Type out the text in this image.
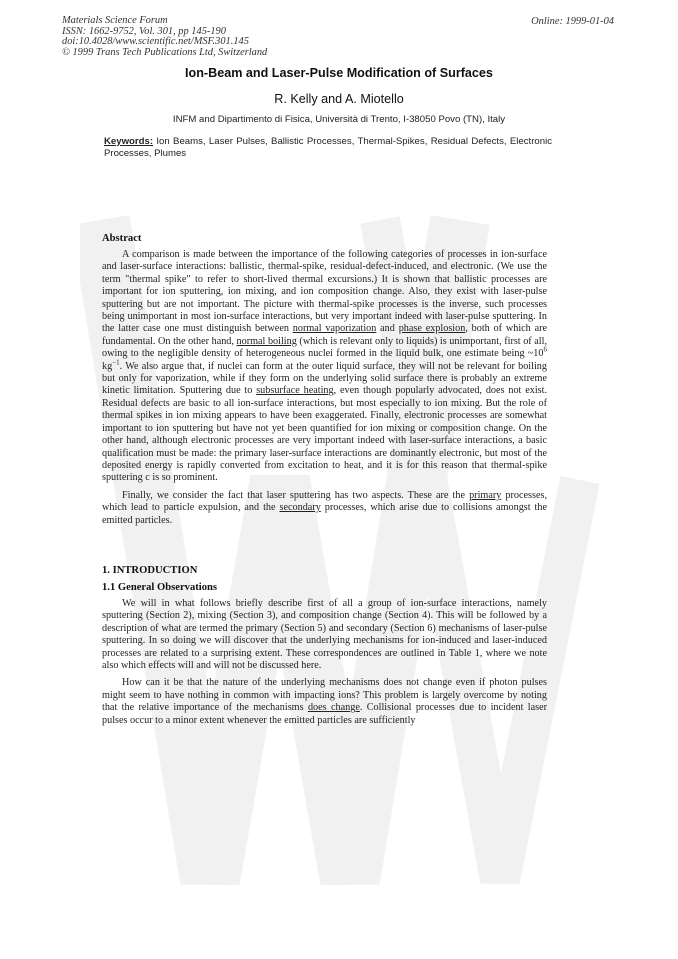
Materials Science Forum
ISSN: 1662-9752, Vol. 301, pp 145-190
doi:10.4028/www.scientific.net/MSF.301.145
© 1999 Trans Tech Publications Ltd, Switzerland
Online: 1999-01-04
Ion-Beam and Laser-Pulse Modification of Surfaces
R. Kelly and A. Miotello
INFM and Dipartimento di Fisica, Università di Trento, I-38050 Povo (TN), Italy
Keywords: Ion Beams, Laser Pulses, Ballistic Processes, Thermal-Spikes, Residual Defects, Electronic Processes, Plumes
Abstract

A comparison is made between the importance of the following categories of processes in ion-surface and laser-surface interactions: ballistic, thermal-spike, residual-defect-induced, and electronic. (We use the term "thermal spike" to refer to short-lived thermal excursions.) It is shown that ballistic processes are important for ion sputtering, ion mixing, and ion composition change. Also, they exist with laser-pulse sputtering but are not important. The picture with thermal-spike processes is the inverse, such processes being unimportant in most ion-surface interactions, but very important indeed with laser-pulse sputtering. In the latter case one must distinguish between normal vaporization and phase explosion, both of which are fundamental. On the other hand, normal boiling (which is relevant only to liquids) is unimportant, first of all, owing to the negligible density of heterogeneous nuclei formed in the liquid bulk, one estimate being $\sim 10^6$ $kg^{-1}$. We also argue that, if nuclei can form at the outer liquid surface, they will not be relevant for boiling but only for vaporization, while if they form on the underlying solid surface there is probably an extreme kinetic limitation. Sputtering due to subsurface heating, even though popularly advocated, does not exist. Residual defects are basic to all ion-surface interactions, but most especially to ion mixing. But the role of thermal spikes in ion mixing appears to have been exaggerated. Finally, electronic processes are somewhat important to ion sputtering but have not yet been quantified for ion mixing or composition change. On the other hand, although electronic processes are very important indeed with laser-surface interactions, a basic qualification must be made: the primary laser-surface interactions are dominantly electronic, but most of the deposited energy is rapidly converted from excitation to heat, and it is for this reason that thermal-spike sputtering c is so prominent.

Finally, we consider the fact that laser sputtering has two aspects. These are the primary processes, which lead to particle expulsion, and the secondary processes, which arise due to collisions amongst the emitted particles.

1. INTRODUCTION
1.1 General Observations

We will in what follows briefly describe first of all a group of ion-surface interactions, namely sputtering (Section 2), mixing (Section 3), and composition change (Section 4). This will be followed by a description of what are termed the primary (Section 5) and secondary (Section 6) mechanisms of laser-pulse sputtering. In so doing we will discover that the underlying mechanisms for ion-induced and laser-induced processes are related to a surprising extent. These correspondences are outlined in Table 1, where we note also which effects will and will not be discussed here.

How can it be that the nature of the underlying mechanisms does not change even if photon pulses might seem to have nothing in common with impacting ions? This problem is largely overcome by noting that the relative importance of the mechanisms does change. Collisional processes due to incident laser pulses occur to a minor extent whenever the emitted particles are sufficiently
